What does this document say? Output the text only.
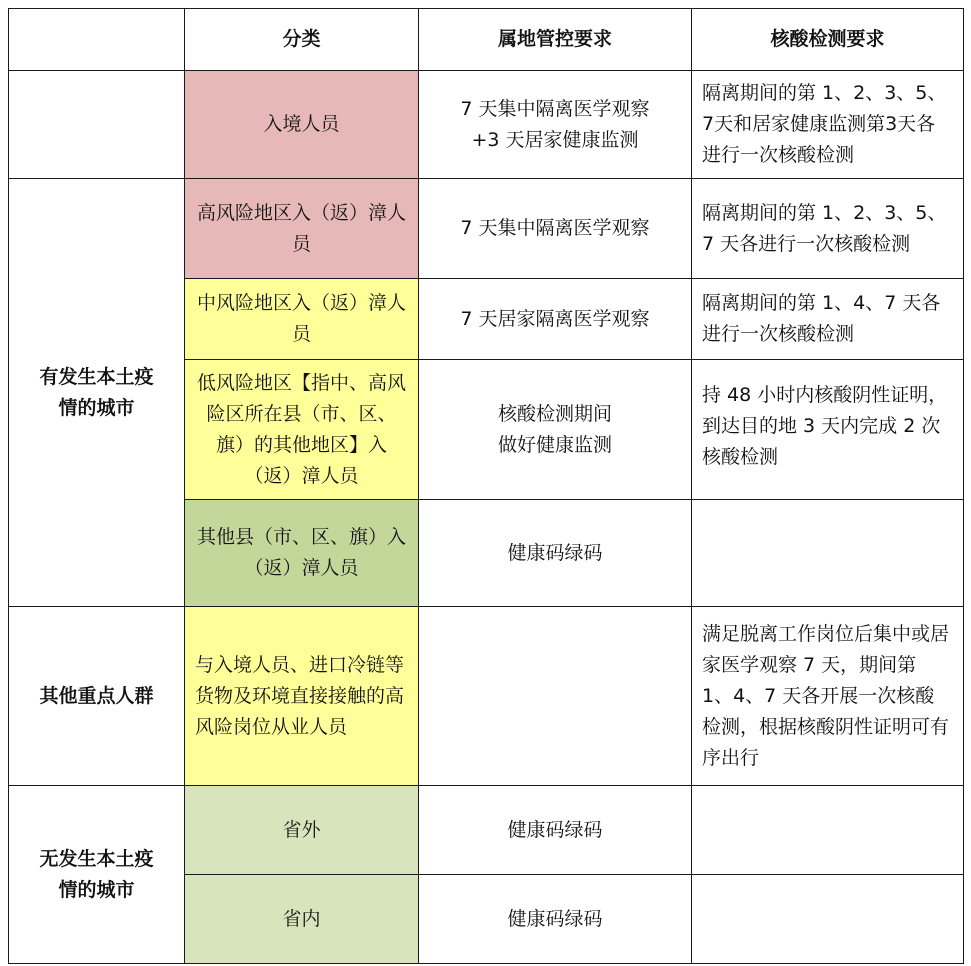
	分类	属地管控要求	核酸检测要求
	入境人员	7 天集中隔离医学观察
+3 天居家健康监测	隔离期间的第 1、2、3、5、7天和居家健康监测第3天各进行一次核酸检测

有发生本土疫
情的城市	高风险地区入（返）漳人员	7 天集中隔离医学观察	隔离期间的第 1、2、3、5、7 天各进行一次核酸检测
	中风险地区入（返）漳人员	7 天居家隔离医学观察	隔离期间的第 1、4、7 天各进行一次核酸检测
	低风险地区【指中、高风险区所在县（市、区、旗）的其他地区】入（返）漳人员	核酸检测期间
做好健康监测	持 48 小时内核酸阴性证明，到达目的地 3 天内完成 2 次核酸检测
	其他县（市、区、旗）入（返）漳人员	健康码绿码	
其他重点人群	与入境人员、进口冷链等货物及环境直接接触的高风险岗位从业人员		满足脱离工作岗位后集中或居家医学观察 7 天，期间第 1、4、7 天各开展一次核酸检测，根据核酸阴性证明可有序出行

无发生本土疫
情的城市	省外	健康码绿码	
	省内	健康码绿码	
